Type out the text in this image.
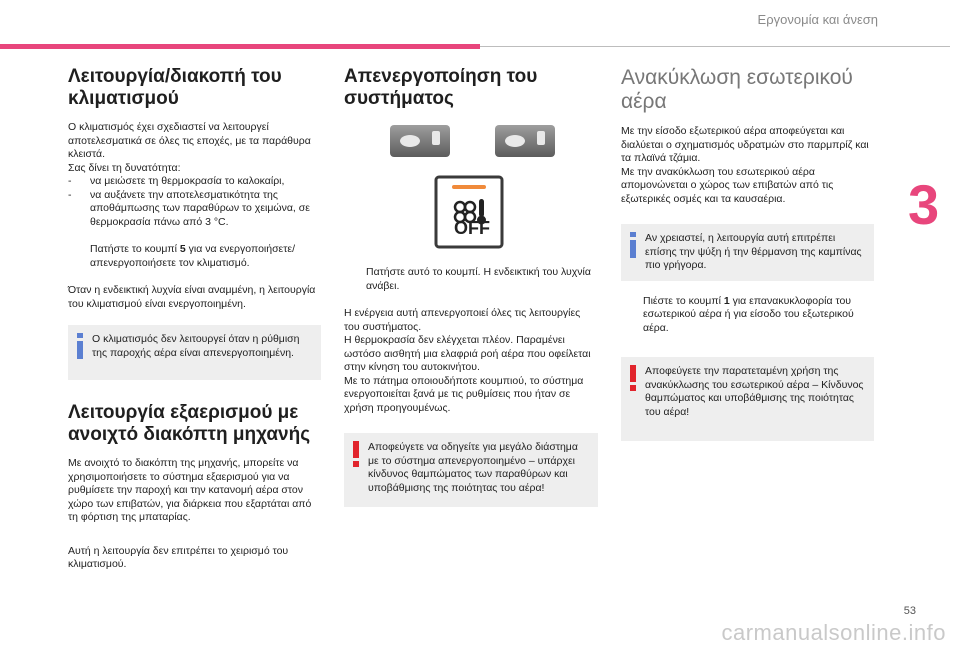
Εργονομία και άνεση
3
Λειτουργία/διακοπή του κλιματισμού

Ο κλιματισμός έχει σχεδιαστεί να λειτουργεί αποτελεσματικά σε όλες τις εποχές, με τα παράθυρα κλειστά.

Σας δίνει τη δυνατότητα:

- να μειώσετε τη θερμοκρασία το καλοκαίρι,
- να αυξάνετε την αποτελεσματικότητα της αποθάμπωσης των παραθύρων το χειμώνα, σε θερμοκρασία πάνω από 3 °C.
Πατήστε το κουμπί 5 για να ενεργοποιήσετε/ απενεργοποιήσετε τον κλιματισμό.

Όταν η ενδεικτική λυχνία είναι αναμμένη, η λειτουργία του κλιματισμού είναι ενεργοποιημένη.

Ο κλιματισμός δεν λειτουργεί όταν η ρύθμιση της παροχής αέρα είναι απενεργοποιημένη.

Λειτουργία εξαερισμού με ανοιχτό διακόπτη μηχανής

Με ανοιχτό το διακόπτη της μηχανής, μπορείτε να χρησιμοποιήσετε το σύστημα εξαερισμού για να ρυθμίσετε την παροχή και την κατανομή αέρα στον χώρο των επιβατών, για διάρκεια που εξαρτάται από τη φόρτιση της μπαταρίας.

Αυτή η λειτουργία δεν επιτρέπει το χειρισμό του κλιματισμού.

Απενεργοποίηση του συστήματος
OFF
Πατήστε αυτό το κουμπί. Η ενδεικτική του λυχνία ανάβει.

Η ενέργεια αυτή απενεργοποιεί όλες τις λειτουργίες του συστήματος.

Η θερμοκρασία δεν ελέγχεται πλέον. Παραμένει ωστόσο αισθητή μια ελαφριά ροή αέρα που οφείλεται στην κίνηση του αυτοκινήτου.

Με το πάτημα οποιουδήποτε κουμπιού, το σύστημα ενεργοποιείται ξανά με τις ρυθμίσεις που ήταν σε χρήση προηγουμένως.

Αποφεύγετε να οδηγείτε για μεγάλο διάστημα με το σύστημα απενεργοποιημένο – υπάρχει κίνδυνος θαμπώματος των παραθύρων και υποβάθμισης της ποιότητας του αέρα!

Ανακύκλωση εσωτερικού αέρα

Με την είσοδο εξωτερικού αέρα αποφεύγεται και διαλύεται ο σχηματισμός υδρατμών στο παρμπρίζ και τα πλαϊνά τζάμια.

Με την ανακύκλωση του εσωτερικού αέρα απομονώνεται ο χώρος των επιβατών από τις εξωτερικές οσμές και τα καυσαέρια.

Αν χρειαστεί, η λειτουργία αυτή επιτρέπει επίσης την ψύξη ή την θέρμανση της καμπίνας πιο γρήγορα.

Πιέστε το κουμπί 1 για επανακυκλοφορία του εσωτερικού αέρα ή για είσοδο του εξωτερικού αέρα.

Αποφεύγετε την παρατεταμένη χρήση της ανακύκλωσης του εσωτερικού αέρα – Κίνδυνος θαμπώματος και υποβάθμισης της ποιότητας του αέρα!

53
carmanualsonline.info
